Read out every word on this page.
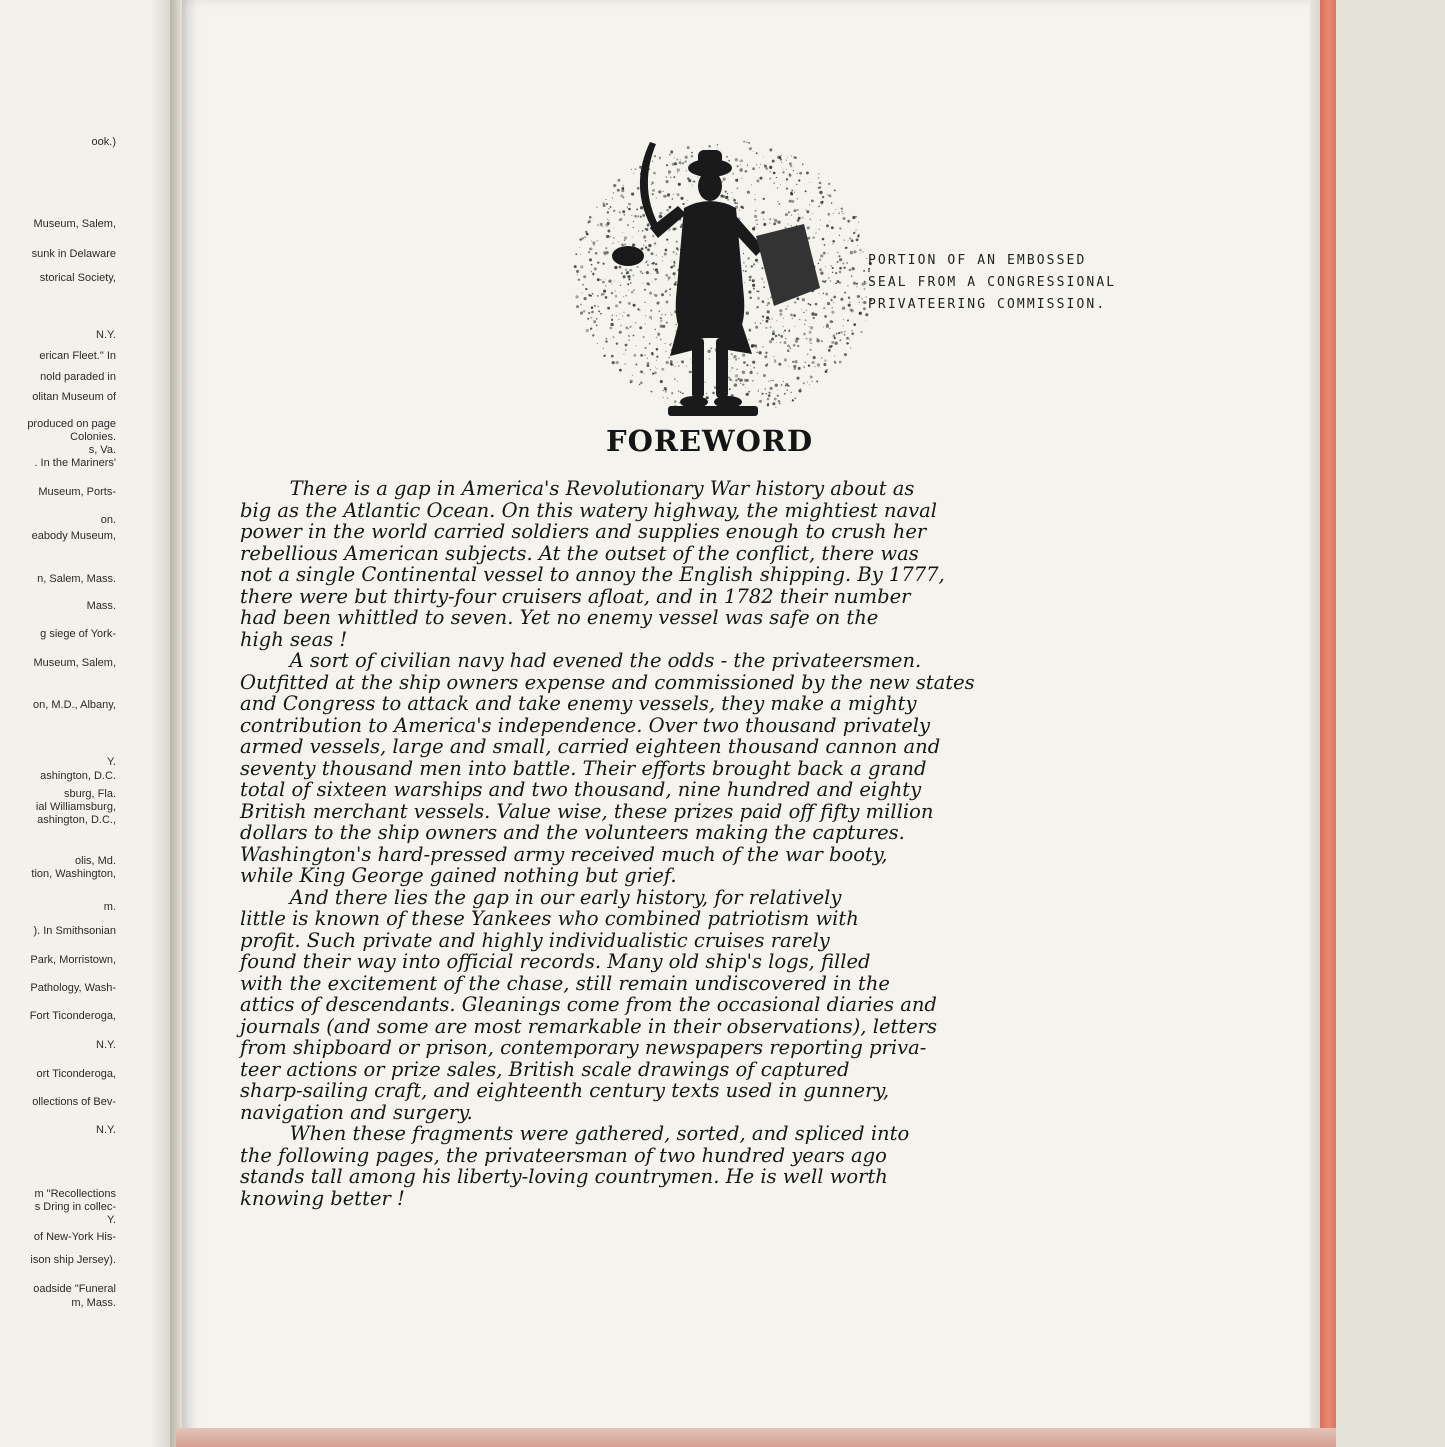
ook.)
Museum, Salem,
sunk in Delaware
storical Society,
N.Y.
erican Fleet." In
nold paraded in
olitan Museum of
produced on page
Colonies.
s, Va.
. In the Mariners'
Museum, Ports-
on.
eabody Museum,
n, Salem, Mass.
Mass.
g siege of York-
Museum, Salem,
on, M.D., Albany,
Y.
ashington, D.C.
sburg, Fla.
ial Williamsburg,
ashington, D.C.,
olis, Md.
tion, Washington,
m.
). In Smithsonian
Park, Morristown,
Pathology, Wash-
Fort Ticonderoga,
N.Y.
ort Ticonderoga,
ollections of Bev-
N.Y.
m "Recollections
s Dring in collec-
Y.
of New-York His-
ison ship Jersey).
oadside "Funeral
m, Mass.
PORTION OF AN EMBOSSED
SEAL FROM A CONGRESSIONAL
PRIVATEERING COMMISSION.
FOREWORD
There is a gap in America's Revolutionary War history about as
big as the Atlantic Ocean. On this watery highway, the mightiest naval
power in the world carried soldiers and supplies enough to crush her
rebellious American subjects. At the outset of the conflict, there was
not a single Continental vessel to annoy the English shipping. By 1777,
there were but thirty-four cruisers afloat, and in 1782 their number
had been whittled to seven. Yet no enemy vessel was safe on the
high seas !
A sort of civilian navy had evened the odds - the privateersmen.
Outfitted at the ship owners expense and commissioned by the new states
and Congress to attack and take enemy vessels, they make a mighty
contribution to America's independence. Over two thousand privately
armed vessels, large and small, carried eighteen thousand cannon and
seventy thousand men into battle. Their efforts brought back a grand
total of sixteen warships and two thousand, nine hundred and eighty
British merchant vessels. Value wise, these prizes paid off fifty million
dollars to the ship owners and the volunteers making the captures.
Washington's hard-pressed army received much of the war booty,
while King George gained nothing but grief.
And there lies the gap in our early history, for relatively
little is known of these Yankees who combined patriotism with
profit. Such private and highly individualistic cruises rarely
found their way into official records. Many old ship's logs, filled
with the excitement of the chase, still remain undiscovered in the
attics of descendants. Gleanings come from the occasional diaries and
journals (and some are most remarkable in their observations), letters
from shipboard or prison, contemporary newspapers reporting priva-
teer actions or prize sales, British scale drawings of captured
sharp-sailing craft, and eighteenth century texts used in gunnery,
navigation and surgery.
When these fragments were gathered, sorted, and spliced into
the following pages, the privateersman of two hundred years ago
stands tall among his liberty-loving countrymen. He is well worth
knowing better !
